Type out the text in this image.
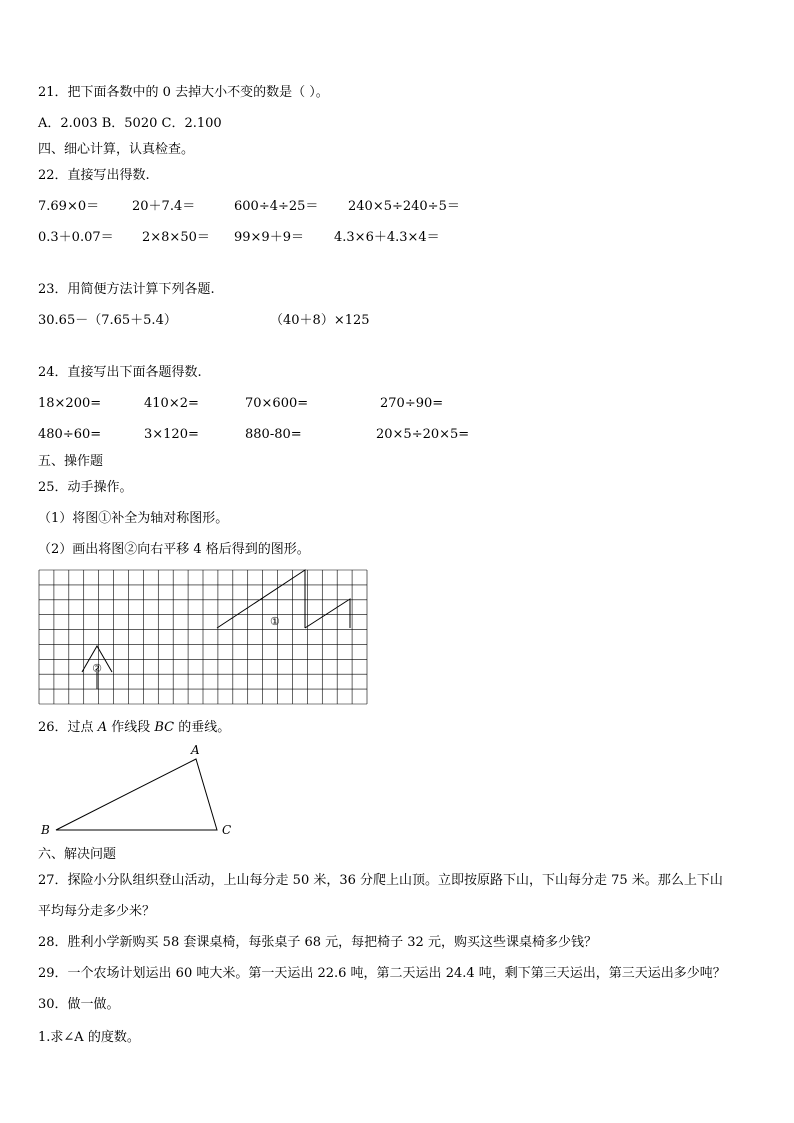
21．把下面各数中的 0 去掉大小不变的数是（ ）。
A．2.003 B．5020 C．2.100
四、细心计算，认真检查。
22．直接写出得数.
7.69×0＝	20＋7.4＝	600÷4÷25＝ 240×5÷240÷5＝
0.3＋0.07＝ 2×8×50＝ 99×9＋9＝ 4.3×6＋4.3×4＝
23．用简便方法计算下列各题.
30.65－（7.65＋5.4）	（40＋8）×125
24．直接写出下面各题得数.
18×200=	410×2=	70×600=	270÷90=
480÷60=	3×120=	880-80=	20×5÷20×5=
五、操作题
25．动手操作。
（1）将图①补全为轴对称图形。
（2）画出将图②向右平移 4 格后得到的图形。
①
②
26．过点 A 作线段 BC 的垂线。
A
B	C
六、解决问题
27．探险小分队组织登山活动，上山每分走 50 米，36 分爬上山顶。立即按原路下山，下山每分走 75 米。那么上下山
平均每分走多少米？
28．胜利小学新购买 58 套课桌椅，每张桌子 68 元，每把椅子 32 元，购买这些课桌椅多少钱？
29．一个农场计划运出 60 吨大米。第一天运出 22.6 吨，第二天运出 24.4 吨，剩下第三天运出，第三天运出多少吨？
30．做一做。
1.求∠A 的度数。
